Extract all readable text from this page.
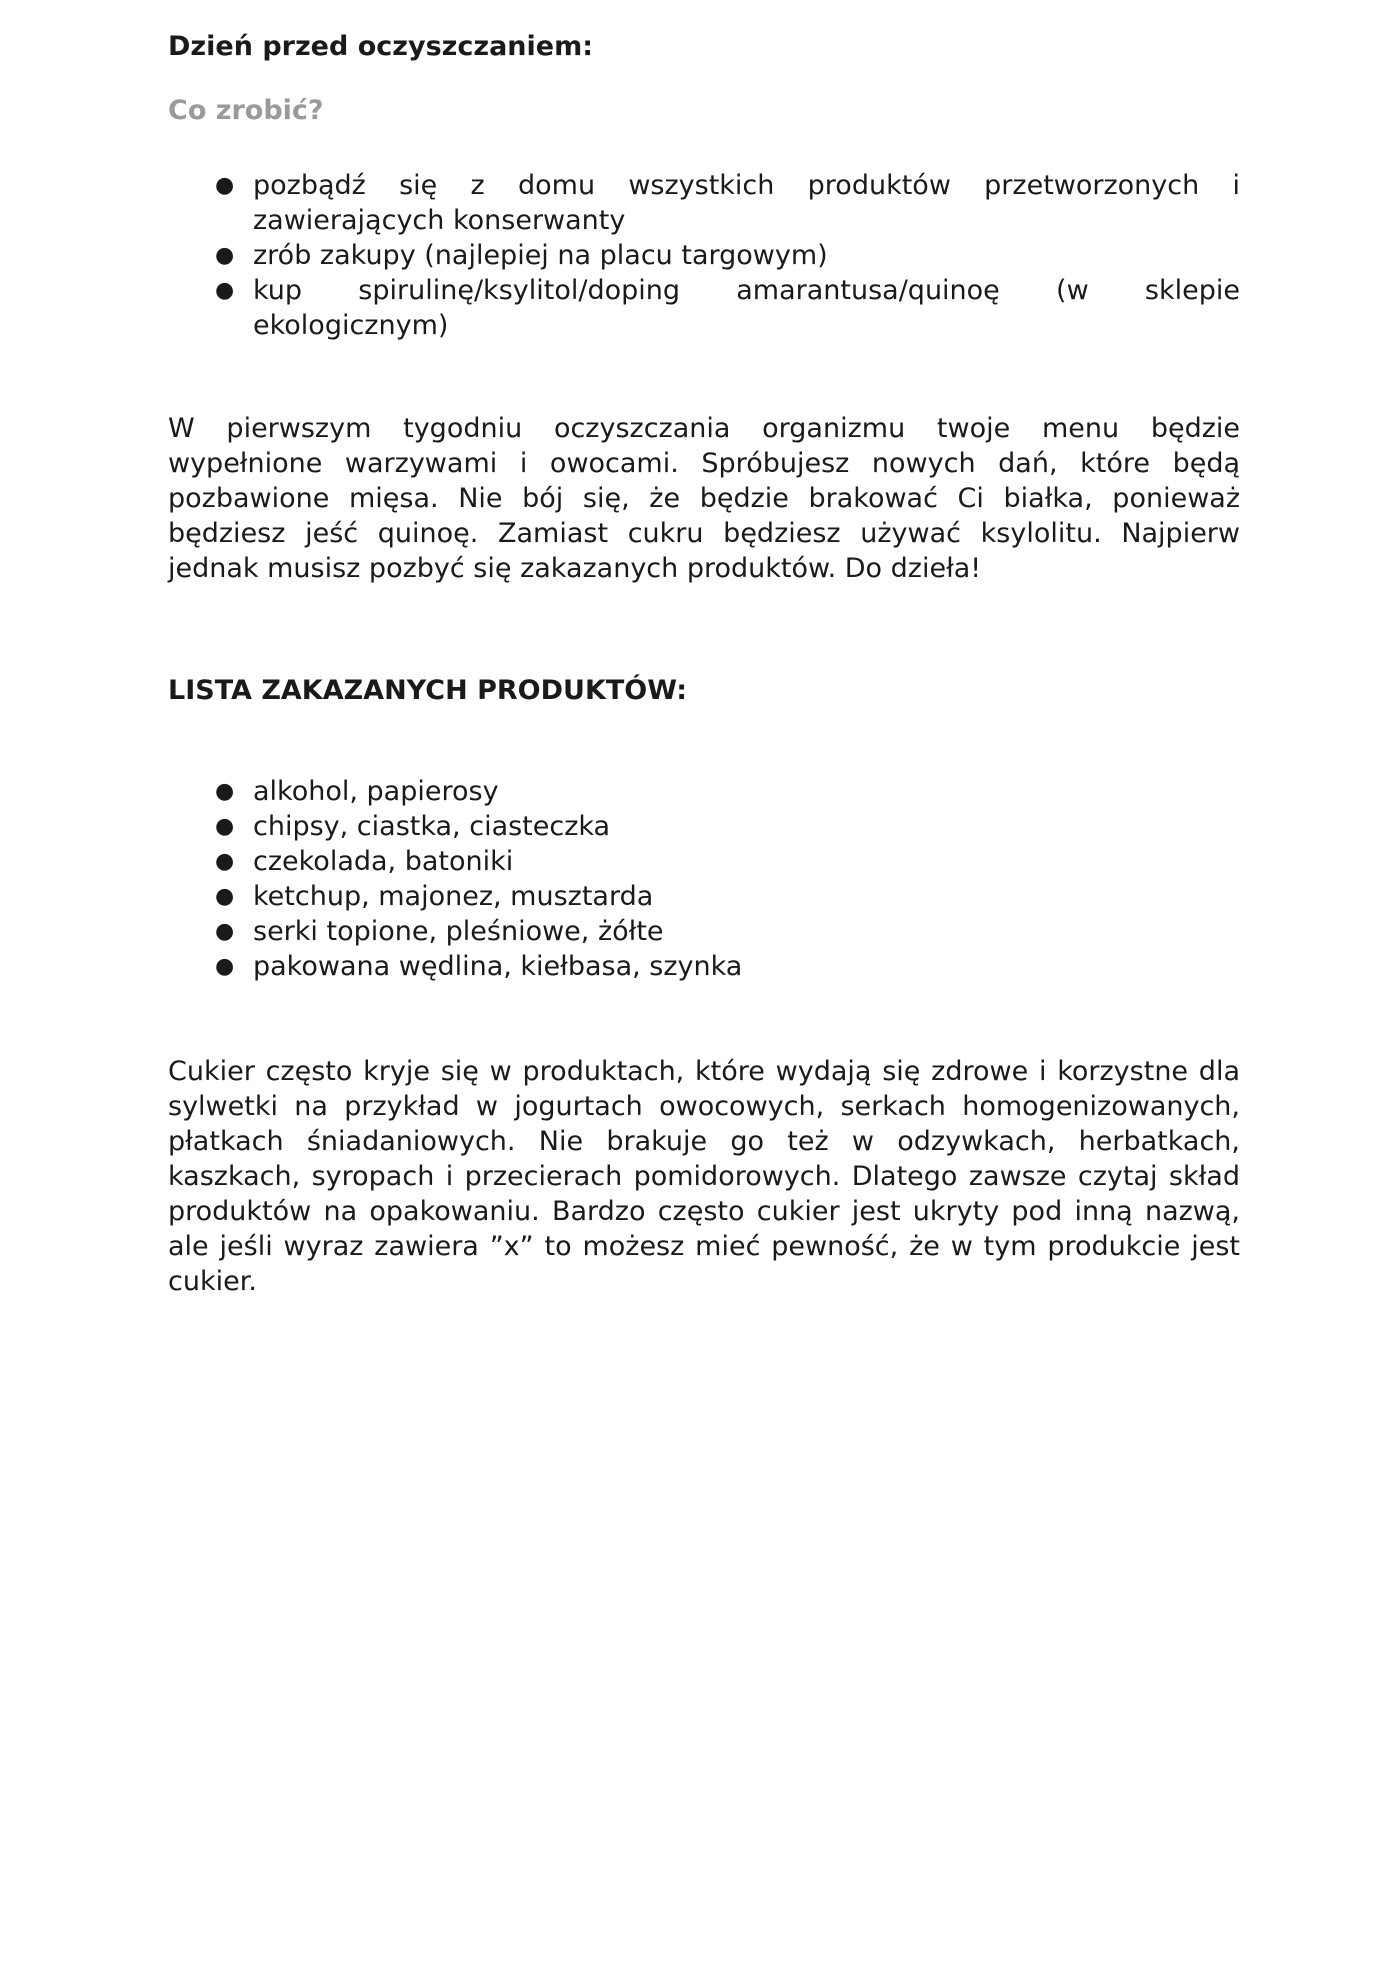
Dzień przed oczyszczaniem:
Co zrobić?
● pozbądź się z domu wszystkich produktów przetworzonych i zawierających konserwanty
● zrób zakupy (najlepiej na placu targowym)
● kup spirulinę/ksylitol/doping amarantusa/quinoę (w sklepie ekologicznym)

W pierwszym tygodniu oczyszczania organizmu twoje menu będzie wypełnione warzywami i owocami. Spróbujesz nowych dań, które będą pozbawione mięsa. Nie bój się, że będzie brakować Ci białka, ponieważ będziesz jeść quinoę. Zamiast cukru będziesz używać ksylolitu. Najpierw jednak musisz pozbyć się zakazanych produktów. Do dzieła!

LISTA ZAKAZANYCH PRODUKTÓW:
● alkohol, papierosy
● chipsy, ciastka, ciasteczka
● czekolada, batoniki
● ketchup, majonez, musztarda
● serki topione, pleśniowe, żółte
● pakowana wędlina, kiełbasa, szynka

Cukier często kryje się w produktach, które wydają się zdrowe i korzystne dla sylwetki na przykład w jogurtach owocowych, serkach homogenizowanych, płatkach śniadaniowych. Nie brakuje go też w odzywkach, herbatkach, kaszkach, syropach i przecierach pomidorowych. Dlatego zawsze czytaj skład produktów na opakowaniu. Bardzo często cukier jest ukryty pod inną nazwą, ale jeśli wyraz zawiera ”x” to możesz mieć pewność, że w tym produkcie jest cukier.
